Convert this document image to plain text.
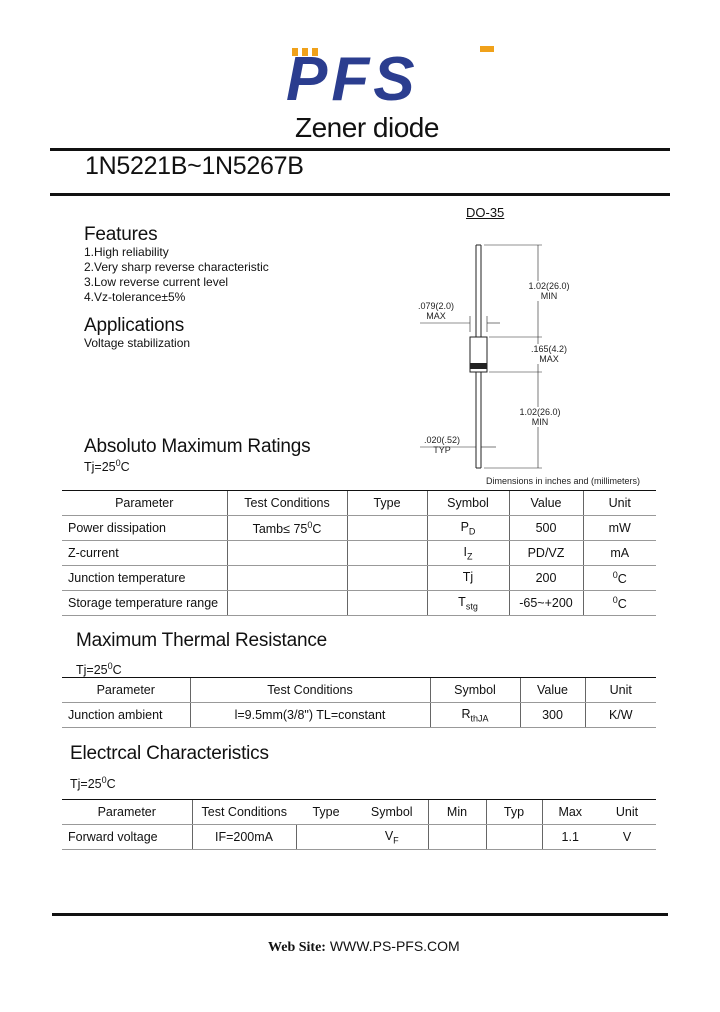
PFS
Zener diode
1N5221B~1N5267B
Features
1.High reliability
2.Very sharp reverse characteristic
3.Low reverse current level
4.Vz-tolerance±5%
Applications
Voltage stabilization
DO-35
1.02(26.0)
MIN
.079(2.0)
MAX
.165(4.2)
MAX
1.02(26.0)
MIN
.020(.52)
TYP
Dimensions in inches and (millimeters)
Absoluto Maximum Ratings
$Tj=25^0C$
Parameter	Test Conditions	Type	Symbol	Value	Unit
Power dissipation	Tamb≤ $75^0C$		$P_D$	500	mW
Z-current			$I_Z$	PD/VZ	mA
Junction temperature			Tj	200	$^0$C
Storage temperature range			$T_{stg}$	-65~+200	$^0$C
Maximum Thermal Resistance
$Tj=25^0C$
Parameter	Test Conditions	Symbol	Value	Unit
Junction ambient	l=9.5mm(3/8") TL=constant	$R_{thJA}$	300	K/W
Electrcal Characteristics
$Tj=25^0C$
Parameter	Test Conditions	Type	Symbol	Min	Typ	Max	Unit
Forward voltage	IF=200mA		$V_F$			1.1	V
Web Site: WWW.PS-PFS.COM
